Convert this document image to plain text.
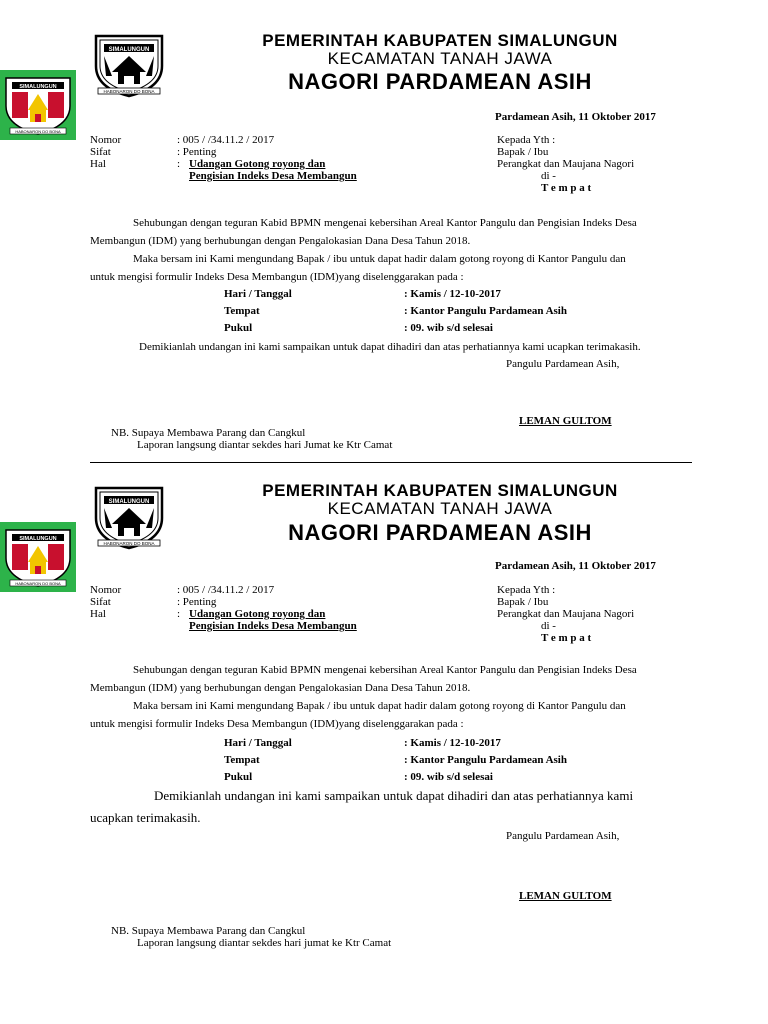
SIMALUNGUN
HABONARON DO BONA
SIMALUNGUN
HABONARON DO BONA
PEMERINTAH KABUPATEN SIMALUNGUN
KECAMATAN TANAH JAWA
NAGORI PARDAMEAN ASIH
Pardamean Asih, 11 Oktober 2017
Nomor	: 005 / /34.11.2 / 2017
Sifat	: Penting
Hal	: Udangan Gotong royong dan
Pengisian Indeks Desa Membangun
Kepada Yth :
Bapak / Ibu
Perangkat dan Maujana Nagori
di -
T e m p a t
Sehubungan dengan teguran Kabid BPMN mengenai kebersihan Areal Kantor Pangulu dan Pengisian Indeks Desa
Membangun (IDM) yang berhubungan dengan Pengalokasian Dana Desa Tahun 2018.
Maka bersam ini Kami mengundang Bapak / ibu untuk dapat hadir dalam gotong royong di Kantor Pangulu dan
untuk mengisi formulir Indeks Desa Membangun (IDM)yang diselenggarakan pada :
Hari / Tanggal	: Kamis / 12-10-2017
Tempat	: Kantor Pangulu Pardamean Asih
Pukul	: 09. wib s/d selesai
Demikianlah undangan ini kami sampaikan untuk dapat dihadiri dan atas perhatiannya kami ucapkan terimakasih.
Pangulu Pardamean Asih,
LEMAN GULTOM
NB. Supaya Membawa Parang dan Cangkul
Laporan langsung diantar sekdes hari Jumat ke Ktr Camat
SIMALUNGUN
HABONARON DO BONA
SIMALUNGUN
HABONARON DO BONA
PEMERINTAH KABUPATEN SIMALUNGUN
KECAMATAN TANAH JAWA
NAGORI PARDAMEAN ASIH
Pardamean Asih, 11 Oktober 2017
Nomor	: 005 / /34.11.2 / 2017
Sifat	: Penting
Hal	: Udangan Gotong royong dan
Pengisian Indeks Desa Membangun
Kepada Yth :
Bapak / Ibu
Perangkat dan Maujana Nagori
di -
T e m p a t
Sehubungan dengan teguran Kabid BPMN mengenai kebersihan Areal Kantor Pangulu dan Pengisian Indeks Desa
Membangun (IDM) yang berhubungan dengan Pengalokasian Dana Desa Tahun 2018.
Maka bersam ini Kami mengundang Bapak / ibu untuk dapat hadir dalam gotong royong di Kantor Pangulu dan
untuk mengisi formulir Indeks Desa Membangun (IDM)yang diselenggarakan pada :
Hari / Tanggal	: Kamis / 12-10-2017
Tempat	: Kantor Pangulu Pardamean Asih
Pukul	: 09. wib s/d selesai
Demikianlah undangan ini kami sampaikan untuk dapat dihadiri dan atas perhatiannya kami
ucapkan terimakasih.
Pangulu Pardamean Asih,
LEMAN GULTOM
NB. Supaya Membawa Parang dan Cangkul
Laporan langsung diantar sekdes hari jumat ke Ktr Camat
